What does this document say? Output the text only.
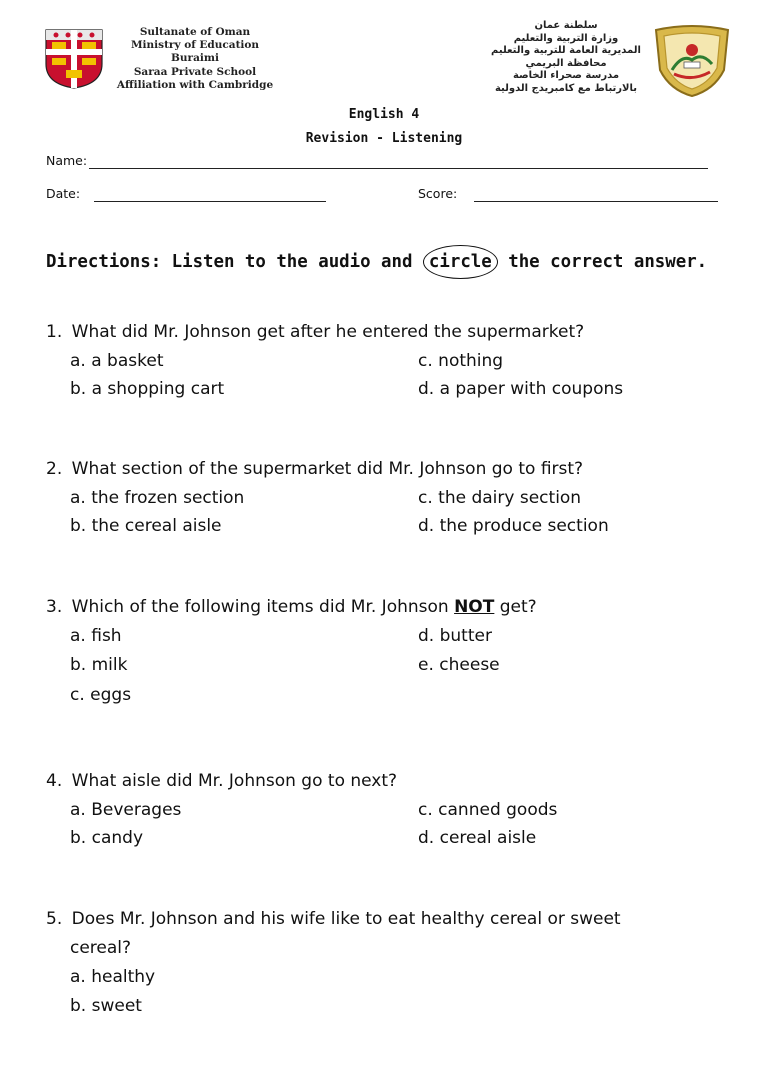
Sultanate of Oman
Ministry of Education
Buraimi
Saraa Private School
Affiliation with Cambridge
سلطنة عمان
وزارة التربية والتعليم
المديرية العامة للتربية والتعليم
محافظة البريمي
مدرسة صحراء الخاصة
بالارتباط مع كامبريدج الدولية
English 4
Revision - Listening
Name:
Date:	Score:
Directions: Listen to the audio and circle the correct answer.
1. What did Mr. Johnson get after he entered the supermarket?
a. a basket
b. a shopping cart
c. nothing
d. a paper with coupons
2. What section of the supermarket did Mr. Johnson go to first?
a. the frozen section
b. the cereal aisle
c. the dairy section
d. the produce section
3. Which of the following items did Mr. Johnson NOT get?
a. fish
b. milk
c. eggs
d. butter
e. cheese
4. What aisle did Mr. Johnson go to next?
a. Beverages
b. candy
c. canned goods
d. cereal aisle
5. Does Mr. Johnson and his wife like to eat healthy cereal or sweet
cereal?
a. healthy
b. sweet
